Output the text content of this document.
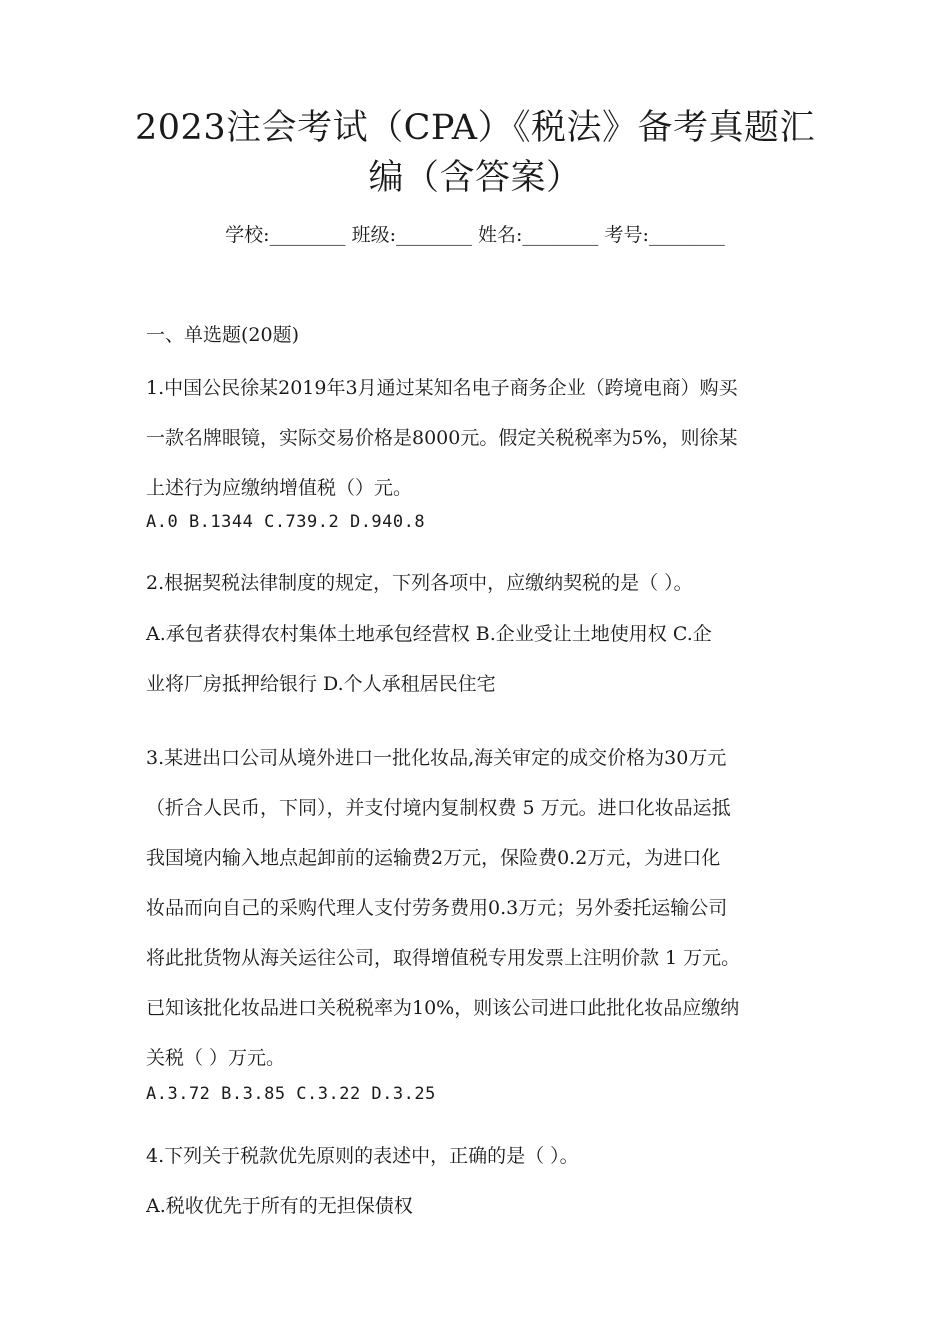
2023注会考试（CPA）《税法》备考真题汇
编（含答案）
学校:________ 班级:________ 姓名:________ 考号:________
一、单选题(20题)
1.中国公民徐某2019年3月通过某知名电子商务企业（跨境电商）购买
一款名牌眼镜，实际交易价格是8000元。假定关税税率为5%，则徐某
上述行为应缴纳增值税（）元。
A.0 B.1344 C.739.2 D.940.8
2.根据契税法律制度的规定，下列各项中，应缴纳契税的是（ ）。
A.承包者获得农村集体土地承包经营权 B.企业受让土地使用权 C.企
业将厂房抵押给银行 D.个人承租居民住宅
3.某进出口公司从境外进口一批化妆品,海关审定的成交价格为30万元
（折合人民币，下同），并支付境内复制权费 5 万元。进口化妆品运抵
我国境内输入地点起卸前的运输费2万元，保险费0.2万元，为进口化
妆品而向自己的采购代理人支付劳务费用0.3万元；另外委托运输公司
将此批货物从海关运往公司，取得增值税专用发票上注明价款 1 万元。
已知该批化妆品进口关税税率为10%，则该公司进口此批化妆品应缴纳
关税（ ）万元。
A.3.72 B.3.85 C.3.22 D.3.25
4.下列关于税款优先原则的表述中，正确的是（ ）。
A.税收优先于所有的无担保债权
